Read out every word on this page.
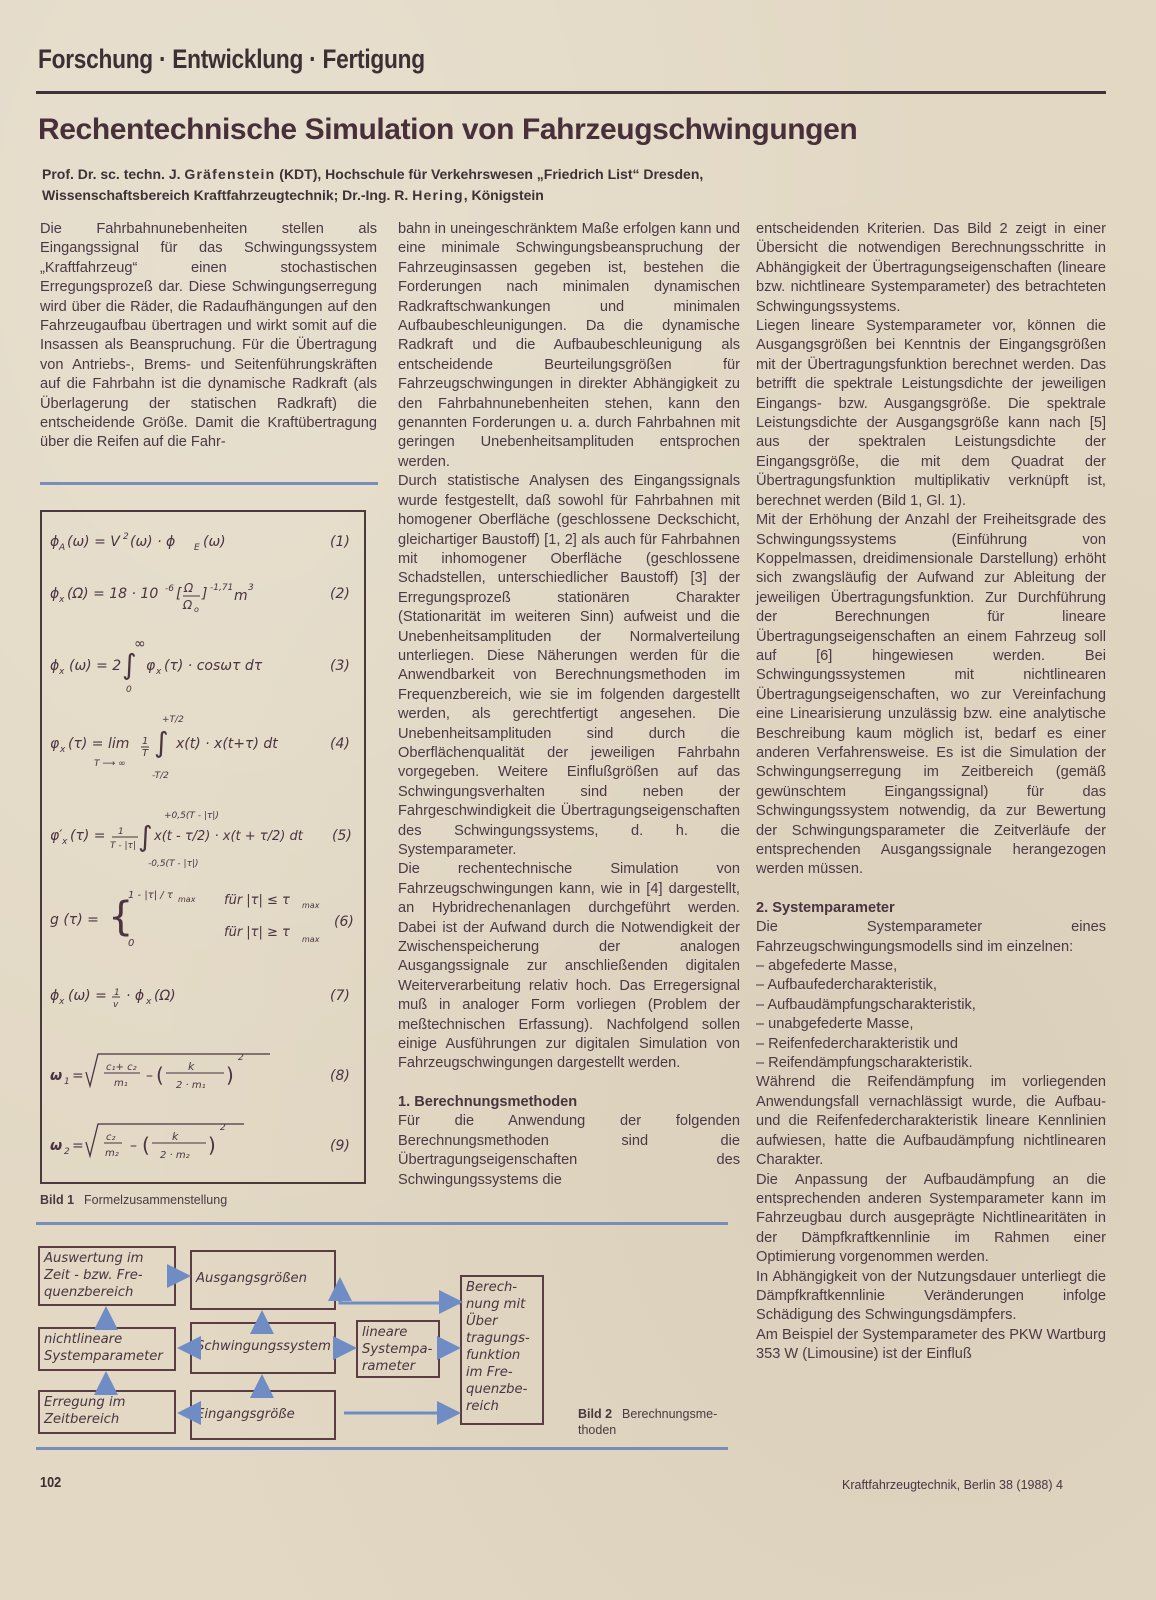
Forschung · Entwicklung · Fertigung
Rechentechnische Simulation von Fahrzeugschwingungen
Prof. Dr. sc. techn. J. Gräfenstein (KDT), Hochschule für Verkehrswesen „Friedrich List“ Dresden,
Wissenschaftsbereich Kraftfahrzeugtechnik; Dr.-Ing. R. Hering, Königstein

Die Fahrbahnunebenheiten stellen als Eingangssignal für das Schwingungssystem „Kraftfahrzeug“ einen stochastischen Erregungsprozeß dar. Diese Schwingungserregung wird über die Räder, die Radaufhängungen auf den Fahrzeugaufbau übertragen und wirkt somit auf die Insassen als Beanspruchung. Für die Übertragung von Antriebs-, Brems- und Seitenführungskräften auf die Fahrbahn ist die dynamische Radkraft (als Überlagerung der statischen Radkraft) die entscheidende Größe. Damit die Kraftübertragung über die Reifen auf die Fahr-

ɸ A (ω) = V 2 (ω) · ɸ E (ω)	(1)
ɸ x (Ω) = 18 · 10 -6 [ Ω
Ω o
] -1,71 m 3	(2)
ɸ x (ω) = 2 ∫
∞
0
φ x (τ) · cosωτ dτ	(3)
φ x (τ) = lim
T ⟶ ∞
1
T ∫
+T/2
-T/2
x(t) · x(t+τ) dt	(4)
φ′ x (τ) = 1
T - |τ| ∫
+0,5(T - |τ|)
-0,5(T - |τ|)
x(t - τ/2) · x(t + τ/2) dt (5)
g (τ) = {
1 - |τ| / τ max
0
für |τ| ≤ τ max
für |τ| ≥ τ max
(6)
ɸ x (ω) = 1
v
· ɸ x (Ω)	(7)
ω 1 =
c₁+ c₂
m₁ – ( k
2 · m₁ )
2
(8)
ω 2 =
c₂
m₂ – ( k
2 · m₂ )
2
(9)
Bild 1 Formelzusammenstellung

bahn in uneingeschränktem Maße erfolgen kann und eine minimale Schwingungsbeanspruchung der Fahrzeuginsassen gegeben ist, bestehen die Forderungen nach minimalen dynamischen Radkraftschwankungen und minimalen Aufbaubeschleunigungen. Da die dynamische Radkraft und die Aufbaubeschleunigung als entscheidende Beurteilungsgrößen für Fahrzeugschwingungen in direkter Abhängigkeit zu den Fahrbahnunebenheiten stehen, kann den genannten Forderungen u. a. durch Fahrbahnen mit geringen Unebenheitsamplituden entsprochen werden.

Durch statistische Analysen des Eingangssignals wurde festgestellt, daß sowohl für Fahrbahnen mit homogener Oberfläche (geschlossene Deckschicht, gleichartiger Baustoff) [1, 2] als auch für Fahrbahnen mit inhomogener Oberfläche (geschlossene Schadstellen, unterschiedlicher Baustoff) [3] der Erregungsprozeß stationären Charakter (Stationarität im weiteren Sinn) aufweist und die Unebenheitsamplituden der Normalverteilung unterliegen. Diese Näherungen werden für die Anwendbarkeit von Berechnungsmethoden im Frequenzbereich, wie sie im folgenden dargestellt werden, als gerechtfertigt angesehen. Die Unebenheitsamplituden sind durch die Oberflächenqualität der jeweiligen Fahrbahn vorgegeben. Weitere Einflußgrößen auf das Schwingungsverhalten sind neben der Fahrgeschwindigkeit die Übertragungseigenschaften des Schwingungssystems, d. h. die Systemparameter.

Die rechentechnische Simulation von Fahrzeugschwingungen kann, wie in [4] dargestellt, an Hybridrechenanlagen durchgeführt werden. Dabei ist der Aufwand durch die Notwendigkeit der Zwischenspeicherung der analogen Ausgangssignale zur anschließenden digitalen Weiterverarbeitung relativ hoch. Das Erregersignal muß in analoger Form vorliegen (Problem der meßtechnischen Erfassung). Nachfolgend sollen einige Ausführungen zur digitalen Simulation von Fahrzeugschwingungen dargestellt werden.

1. Berechnungsmethoden

Für die Anwendung der folgenden Berechnungsmethoden sind die Übertragungseigenschaften des Schwingungssystems die

entscheidenden Kriterien. Das Bild 2 zeigt in einer Übersicht die notwendigen Berechnungsschritte in Abhängigkeit der Übertragungseigenschaften (lineare bzw. nichtlineare Systemparameter) des betrachteten Schwingungssystems.

Liegen lineare Systemparameter vor, können die Ausgangsgrößen bei Kenntnis der Eingangsgrößen mit der Übertragungsfunktion berechnet werden. Das betrifft die spektrale Leistungsdichte der jeweiligen Eingangs- bzw. Ausgangsgröße. Die spektrale Leistungsdichte der Ausgangsgröße kann nach [5] aus der spektralen Leistungsdichte der Eingangsgröße, die mit dem Quadrat der Übertragungsfunktion multiplikativ verknüpft ist, berechnet werden (Bild 1, Gl. 1).

Mit der Erhöhung der Anzahl der Freiheitsgrade des Schwingungssystems (Einführung von Koppelmassen, dreidimensionale Darstellung) erhöht sich zwangsläufig der Aufwand zur Ableitung der jeweiligen Übertragungsfunktion. Zur Durchführung der Berechnungen für lineare Übertragungseigenschaften an einem Fahrzeug soll auf [6] hingewiesen werden. Bei Schwingungssystemen mit nichtlinearen Übertragungseigenschaften, wo zur Vereinfachung eine Linearisierung unzulässig bzw. eine analytische Beschreibung kaum möglich ist, bedarf es einer anderen Verfahrensweise. Es ist die Simulation der Schwingungserregung im Zeitbereich (gemäß gewünschtem Eingangssignal) für das Schwingungssystem notwendig, da zur Bewertung der Schwingungsparameter die Zeitverläufe der entsprechenden Ausgangssignale herangezogen werden müssen.

2. Systemparameter

Die Systemparameter eines Fahrzeugschwingungsmodells sind im einzelnen:

– abgefederte Masse,
– Aufbaufedercharakteristik,
– Aufbaudämpfungscharakteristik,
– unabgefederte Masse,
– Reifenfedercharakteristik und
– Reifendämpfungscharakteristik.

Während die Reifendämpfung im vorliegenden Anwendungsfall vernachlässigt wurde, die Aufbau- und die Reifenfedercharakteristik lineare Kennlinien aufwiesen, hatte die Aufbaudämpfung nichtlinearen Charakter.

Die Anpassung der Aufbaudämpfung an die entsprechenden anderen Systemparameter kann im Fahrzeugbau durch ausgeprägte Nichtlinearitäten in der Dämpfkraftkennlinie im Rahmen einer Optimierung vorgenommen werden.

In Abhängigkeit von der Nutzungsdauer unterliegt die Dämpfkraftkennlinie Veränderungen infolge Schädigung des Schwingungsdämpfers.

Am Beispiel der Systemparameter des PKW Wartburg 353 W (Limousine) ist der Einfluß

Auswertung im
Zeit - bzw. Fre-
quenzbereich
Ausgangsgrößen
nichtlineare
Systemparameter
Schwingungssystem
lineare
Systempa-
rameter
Erregung im
Zeitbereich	Eingangsgröße
Berech-
nung mit
Über
tragungs-
funktion
im Fre-
quenzbe-
reich	Bild 2 Berechnungsme-
thoden
102	Kraftfahrzeugtechnik, Berlin 38 (1988) 4
